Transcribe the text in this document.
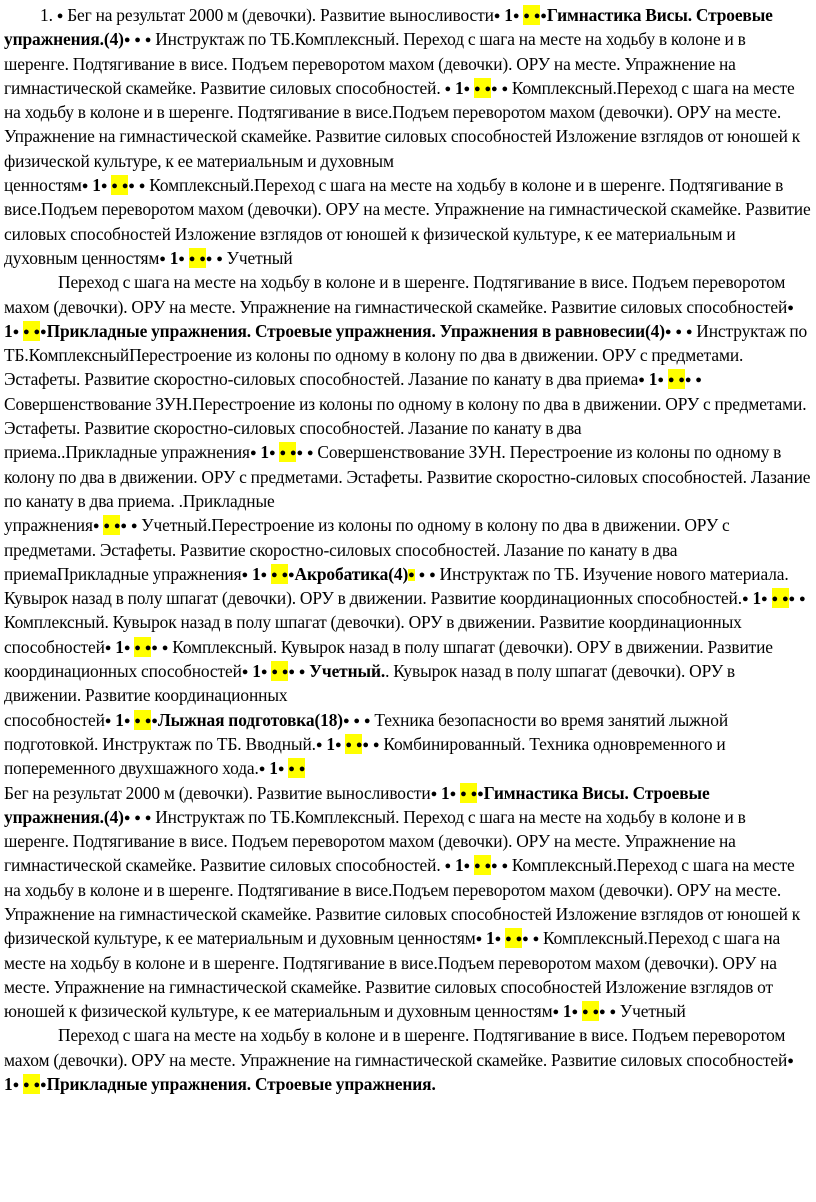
1. ● Бег на результат 2000 м (девочки). Развитие выносливости● 1● ● ●●Гимнастика Висы. Строевые упражнения.(4)● ● ● Инструктаж по ТБ.Комплексный. Переход с шага на месте на ходьбу в колоне и в шеренге. Подтягивание в висе. Подъем переворотом махом (девочки). ОРУ на месте. Упражнение на гимнастической скамейке. Развитие силовых способностей. ● 1● ● ●● ● Комплексный.Переход с шага на месте на ходьбу в колоне и в шеренге. Подтягивание в висе.Подъем переворотом махом (девочки). ОРУ на месте. Упражнение на гимнастической скамейке. Развитие силовых способностей Изложение взглядов от юношей к физической культуре, к ее материальным и духовным
ценностям● 1● ● ●● ● Комплексный.Переход с шага на месте на ходьбу в колоне и в шеренге. Подтягивание в висе.Подъем переворотом махом (девочки). ОРУ на месте. Упражнение на гимнастической скамейке. Развитие силовых способностей Изложение взглядов от юношей к физической культуре, к ее материальным и духовным ценностям● 1● ● ●● ● Учетный

Переход с шага на месте на ходьбу в колоне и в шеренге. Подтягивание в висе. Подъем переворотом махом (девочки). ОРУ на месте. Упражнение на гимнастической скамейке. Развитие силовых способностей● 1● ● ●●Прикладные упражнения. Строевые упражнения. Упражнения в равновесии(4)● ● ● Инструктаж по ТБ.КомплексныйПерестроение из колоны по одному в колону по два в движении. ОРУ с предметами. Эстафеты. Развитие скоростно-силовых способностей. Лазание по канату в два приема● 1● ● ●● ● Совершенствование ЗУН.Перестроение из колоны по одному в колону по два в движении. ОРУ с предметами. Эстафеты. Развитие скоростно-силовых способностей. Лазание по канату в два
приема..Прикладные упражнения● 1● ● ●● ● Совершенствование ЗУН. Перестроение из колоны по одному в колону по два в движении. ОРУ с предметами. Эстафеты. Развитие скоростно-силовых способностей. Лазание по канату в два приема. .Прикладные
упражнения● ● ●● ● Учетный.Перестроение из колоны по одному в колону по два в движении. ОРУ с предметами. Эстафеты. Развитие скоростно-силовых способностей. Лазание по канату в два приемаПрикладные упражнения● 1● ● ●●Акробатика(4)● ● ● Инструктаж по ТБ. Изучение нового материала. Кувырок назад в полу шпагат (девочки). ОРУ в движении. Развитие координационных способностей.● 1● ● ●● ● Комплексный. Кувырок назад в полу шпагат (девочки). ОРУ в движении. Развитие координационных
способностей● 1● ● ●● ● Комплексный. Кувырок назад в полу шпагат (девочки). ОРУ в движении. Развитие координационных способностей● 1● ● ●● ● Учетный.. Кувырок назад в полу шпагат (девочки). ОРУ в движении. Развитие координационных
способностей● 1● ● ●●Лыжная подготовка(18)● ● ● Техника безопасности во время занятий лыжной подготовкой. Инструктаж по ТБ. Вводный.● 1● ● ●● ● Комбинированный. Техника одновременного и попеременного двухшажного хода.● 1● ● ●

Бег на результат 2000 м (девочки). Развитие выносливости● 1● ● ●●Гимнастика Висы. Строевые упражнения.(4)● ● ● Инструктаж по ТБ.Комплексный. Переход с шага на месте на ходьбу в колоне и в шеренге. Подтягивание в висе. Подъем переворотом махом (девочки). ОРУ на месте. Упражнение на гимнастической скамейке. Развитие силовых способностей. ● 1● ● ●● ● Комплексный.Переход с шага на месте на ходьбу в колоне и в шеренге. Подтягивание в висе.Подъем переворотом махом (девочки). ОРУ на месте. Упражнение на гимнастической скамейке. Развитие силовых способностей Изложение взглядов от юношей к физической культуре, к ее материальным и духовным ценностям● 1● ● ●● ● Комплексный.Переход с шага на месте на ходьбу в колоне и в шеренге. Подтягивание в висе.Подъем переворотом махом (девочки). ОРУ на месте. Упражнение на гимнастической скамейке. Развитие силовых способностей Изложение взглядов от юношей к физической культуре, к ее материальным и духовным ценностям● 1● ● ●● ● Учетный

Переход с шага на месте на ходьбу в колоне и в шеренге. Подтягивание в висе. Подъем переворотом махом (девочки). ОРУ на месте. Упражнение на гимнастической скамейке. Развитие силовых способностей● 1● ● ●●Прикладные упражнения. Строевые упражнения.
